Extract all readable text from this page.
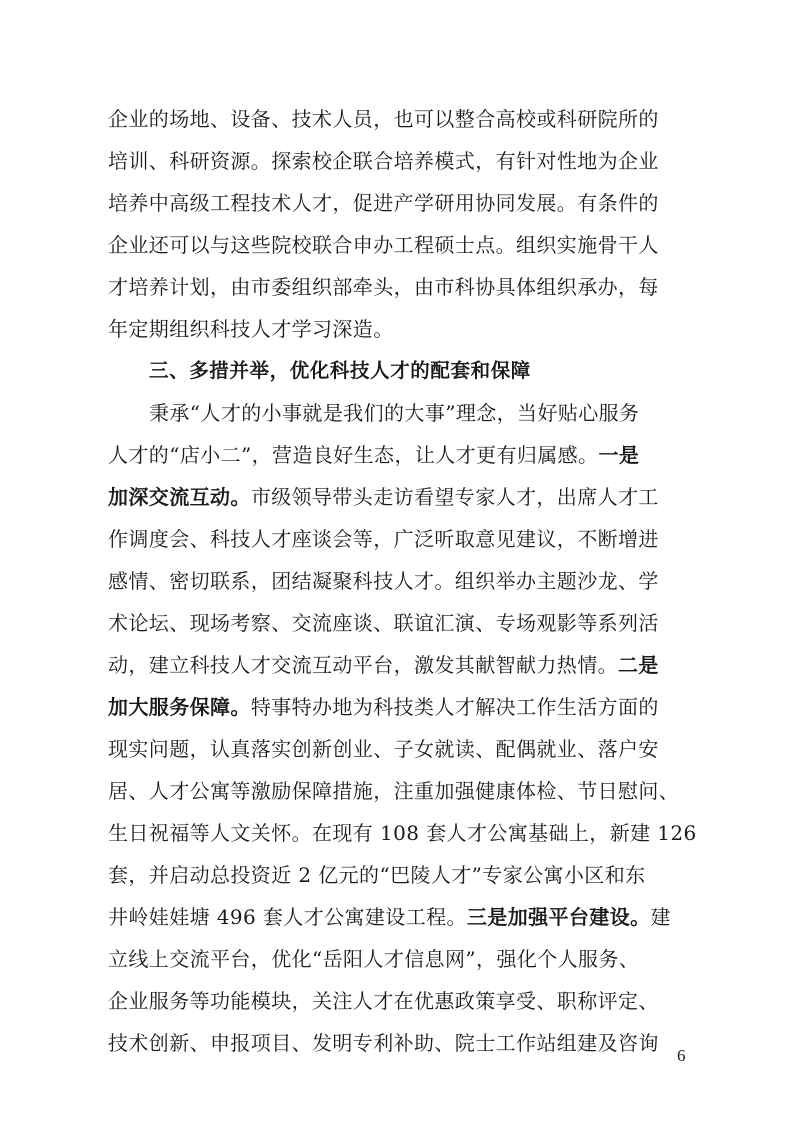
企业的场地、设备、技术人员，也可以整合高校或科研院所的
培训、科研资源。探索校企联合培养模式，有针对性地为企业
培养中高级工程技术人才，促进产学研用协同发展。有条件的
企业还可以与这些院校联合申办工程硕士点。组织实施骨干人
才培养计划，由市委组织部牵头，由市科协具体组织承办，每
年定期组织科技人才学习深造。
三、多措并举，优化科技人才的配套和保障
秉承“人才的小事就是我们的大事”理念，当好贴心服务
人才的“店小二”，营造良好生态，让人才更有归属感。一是
加深交流互动。市级领导带头走访看望专家人才，出席人才工
作调度会、科技人才座谈会等，广泛听取意见建议，不断增进
感情、密切联系，团结凝聚科技人才。组织举办主题沙龙、学
术论坛、现场考察、交流座谈、联谊汇演、专场观影等系列活
动，建立科技人才交流互动平台，激发其献智献力热情。二是
加大服务保障。特事特办地为科技类人才解决工作生活方面的
现实问题，认真落实创新创业、子女就读、配偶就业、落户安
居、人才公寓等激励保障措施，注重加强健康体检、节日慰问、
生日祝福等人文关怀。在现有 108 套人才公寓基础上，新建 126
套，并启动总投资近 2 亿元的“巴陵人才”专家公寓小区和东
井岭娃娃塘 496 套人才公寓建设工程。三是加强平台建设。建
立线上交流平台，优化“岳阳人才信息网”，强化个人服务、
企业服务等功能模块，关注人才在优惠政策享受、职称评定、
技术创新、申报项目、发明专利补助、院士工作站组建及咨询
6
